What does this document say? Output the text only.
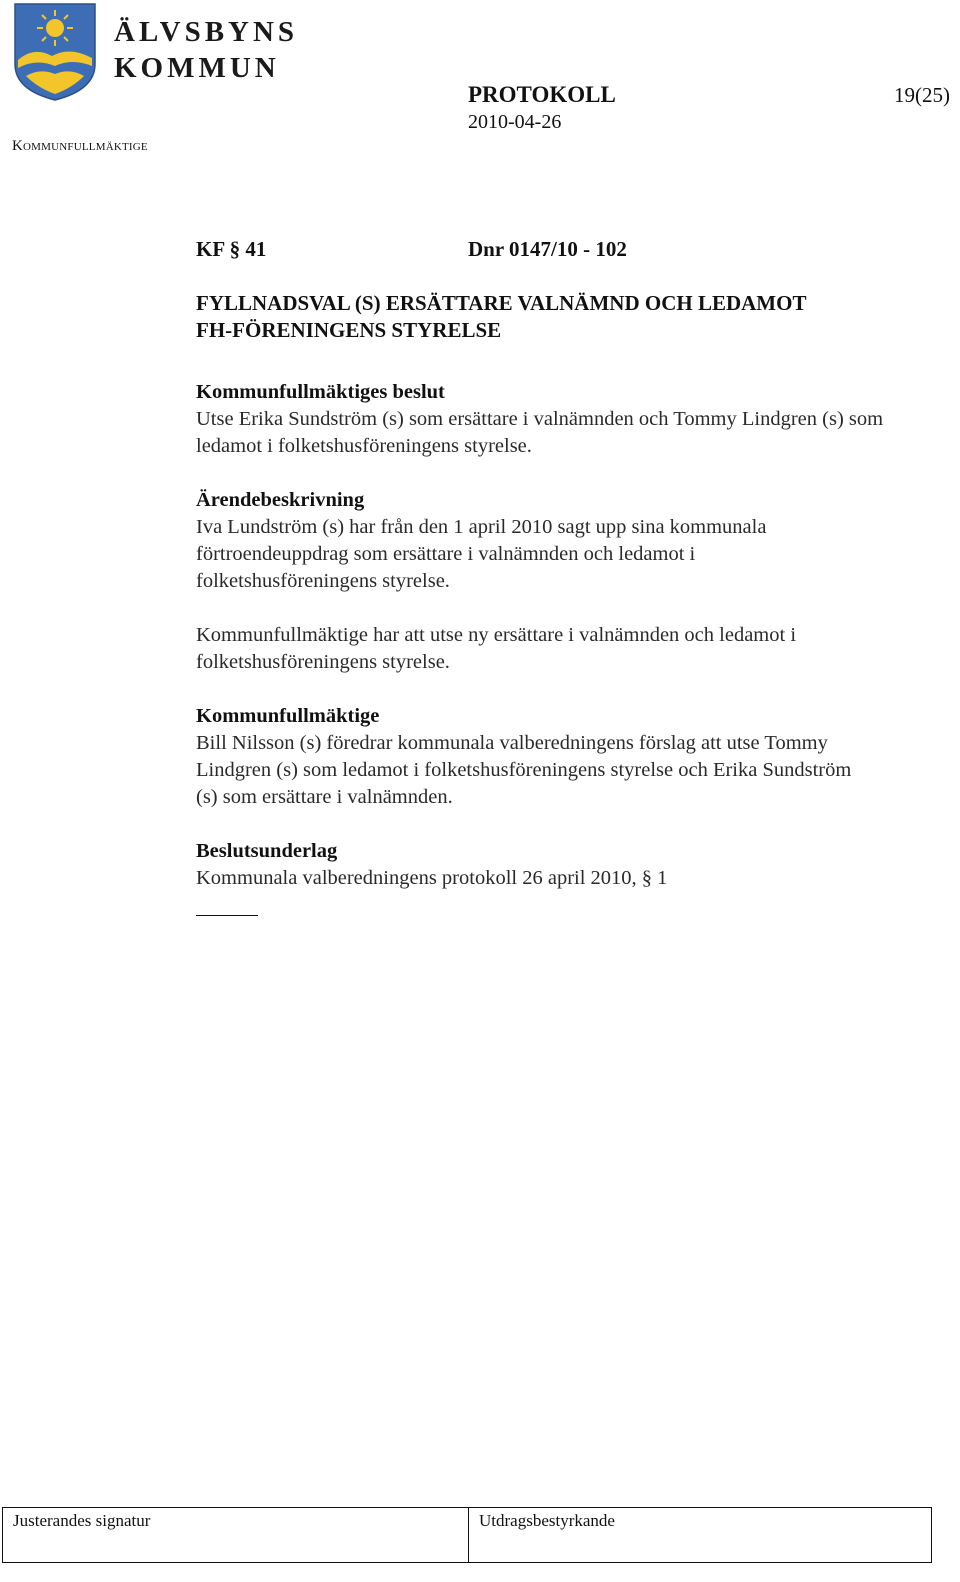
ÄLVSBYNS
KOMMUN
Kommunfullmäktige
PROTOKOLL
2010-04-26
19(25)
KF § 41	Dnr 0147/10 - 102
FYLLNADSVAL (S) ERSÄTTARE VALNÄMND OCH LEDAMOT
FH-FÖRENINGENS STYRELSE
Kommunfullmäktiges beslut

Utse Erika Sundström (s) som ersättare i valnämnden och Tommy Lindgren (s) som ledamot i folketshusföreningens styrelse.

Ärendebeskrivning

Iva Lundström (s) har från den 1 april 2010 sagt upp sina kommunala förtroendeuppdrag som ersättare i valnämnden och ledamot i folketshusföreningens styrelse.

Kommunfullmäktige har att utse ny ersättare i valnämnden och ledamot i folketshusföreningens styrelse.

Kommunfullmäktige

Bill Nilsson (s) föredrar kommunala valberedningens förslag att utse Tommy Lindgren (s) som ledamot i folketshusföreningens styrelse och Erika Sundström (s) som ersättare i valnämnden.

Beslutsunderlag

Kommunala valberedningens protokoll 26 april 2010, § 1

Justerandes signatur	Utdragsbestyrkande
